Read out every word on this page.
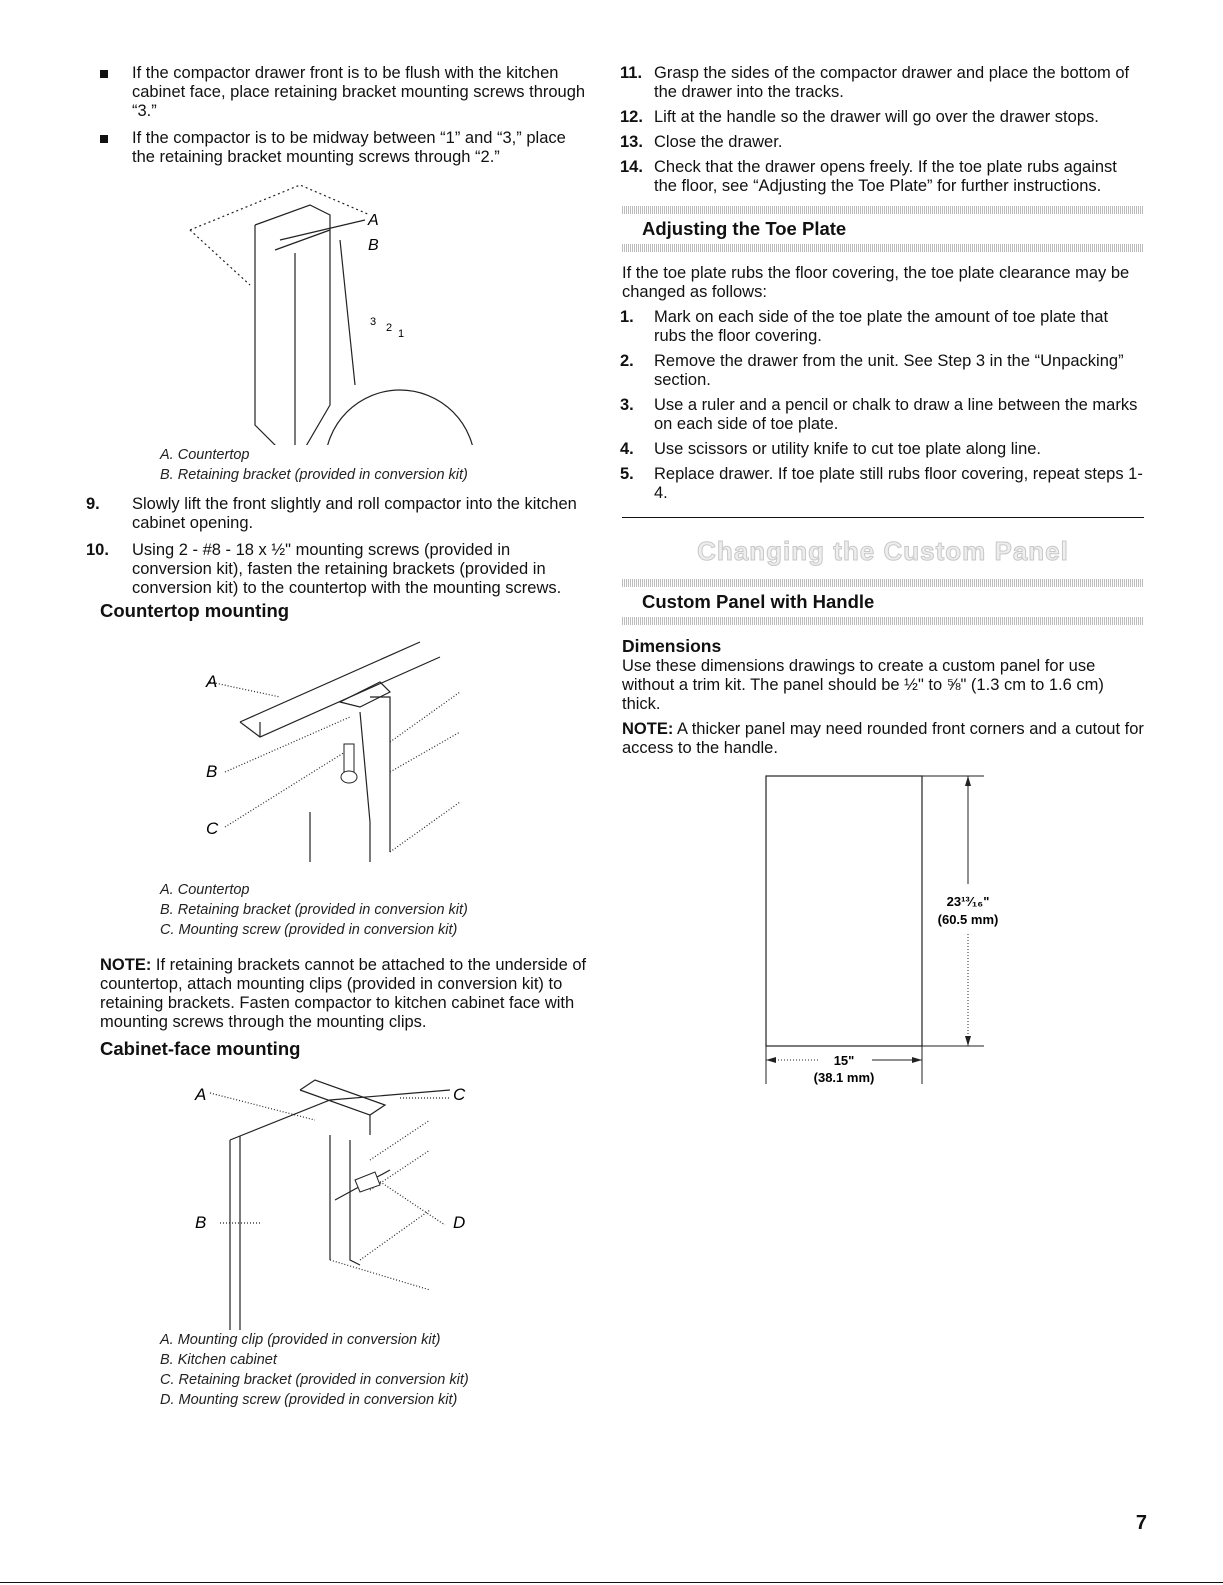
If the compactor drawer front is to be flush with the kitchen cabinet face, place retaining bracket mounting screws through “3.”
If the compactor is to be midway between “1” and “3,” place the retaining bracket mounting screws through “2.”
A
B
3 2 1
A. Countertop
B. Retaining bracket (provided in conversion kit)
9. Slowly lift the front slightly and roll compactor into the kitchen cabinet opening.
10. Using 2 - #8 - 18 x ½" mounting screws (provided in conversion kit), fasten the retaining brackets (provided in conversion kit) to the countertop with the mounting screws.
Countertop mounting
A
B
C
A. Countertop
B. Retaining bracket (provided in conversion kit)
C. Mounting screw (provided in conversion kit)
NOTE: If retaining brackets cannot be attached to the underside of countertop, attach mounting clips (provided in conversion kit) to retaining brackets. Fasten compactor to kitchen cabinet face with mounting screws through the mounting clips.
Cabinet-face mounting
A	C
B	D
A. Mounting clip (provided in conversion kit)
B. Kitchen cabinet
C. Retaining bracket (provided in conversion kit)
D. Mounting screw (provided in conversion kit)
11. Grasp the sides of the compactor drawer and place the bottom of the drawer into the tracks.
12. Lift at the handle so the drawer will go over the drawer stops.
13. Close the drawer.
14. Check that the drawer opens freely. If the toe plate rubs against the floor, see “Adjusting the Toe Plate” for further instructions.
Adjusting the Toe Plate

If the toe plate rubs the floor covering, the toe plate clearance may be changed as follows:

1. Mark on each side of the toe plate the amount of toe plate that rubs the floor covering.
2. Remove the drawer from the unit. See Step 3 in the “Unpacking” section.
3. Use a ruler and a pencil or chalk to draw a line between the marks on each side of toe plate.
4. Use scissors or utility knife to cut toe plate along line.
5. Replace drawer. If toe plate still rubs floor covering, repeat steps 1-4.
Changing the Custom Panel
Custom Panel with Handle
Dimensions

Use these dimensions drawings to create a custom panel for use without a trim kit. The panel should be ½" to ⅝" (1.3 cm to 1.6 cm) thick.

NOTE: A thicker panel may need rounded front corners and a cutout for access to the handle.
23¹³⁄₁₆"
(60.5 mm)
15"
(38.1 mm)
7
